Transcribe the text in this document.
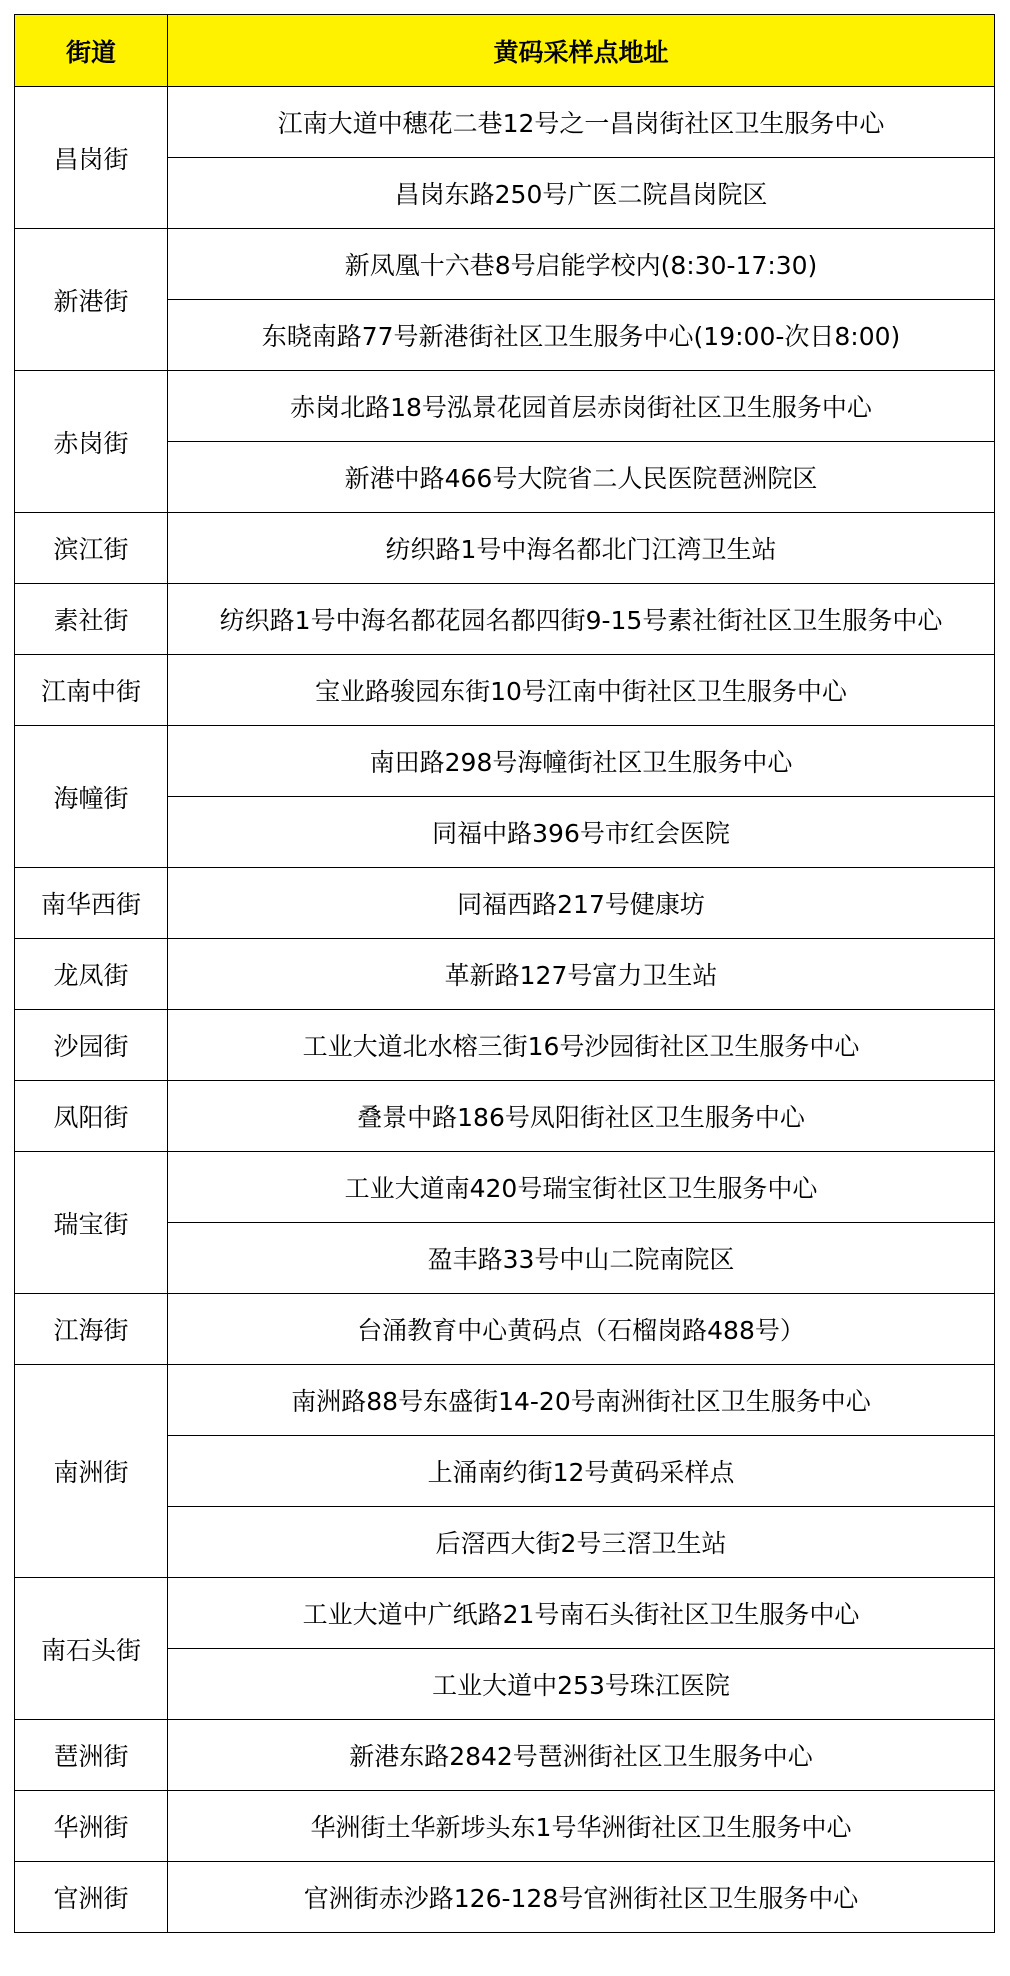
街道	黄码采样点地址
昌岗街	江南大道中穗花二巷12号之一昌岗街社区卫生服务中心
	昌岗东路250号广医二院昌岗院区
新港街	新凤凰十六巷8号启能学校内(8:30-17:30)
	东晓南路77号新港街社区卫生服务中心(19:00-次日8:00)
赤岗街	赤岗北路18号泓景花园首层赤岗街社区卫生服务中心
	新港中路466号大院省二人民医院琶洲院区
滨江街	纺织路1号中海名都北门江湾卫生站
素社街	纺织路1号中海名都花园名都四街9-15号素社街社区卫生服务中心
江南中街	宝业路骏园东街10号江南中街社区卫生服务中心
海幢街	南田路298号海幢街社区卫生服务中心
	同福中路396号市红会医院
南华西街	同福西路217号健康坊
龙凤街	革新路127号富力卫生站
沙园街	工业大道北水榕三街16号沙园街社区卫生服务中心
凤阳街	叠景中路186号凤阳街社区卫生服务中心
瑞宝街	工业大道南420号瑞宝街社区卫生服务中心
	盈丰路33号中山二院南院区
江海街	台涌教育中心黄码点（石榴岗路488号）
南洲街	南洲路88号东盛街14-20号南洲街社区卫生服务中心
	上涌南约街12号黄码采样点
	后滘西大街2号三滘卫生站
南石头街	工业大道中广纸路21号南石头街社区卫生服务中心
	工业大道中253号珠江医院
琶洲街	新港东路2842号琶洲街社区卫生服务中心
华洲街	华洲街土华新埗头东1号华洲街社区卫生服务中心
官洲街	官洲街赤沙路126-128号官洲街社区卫生服务中心
